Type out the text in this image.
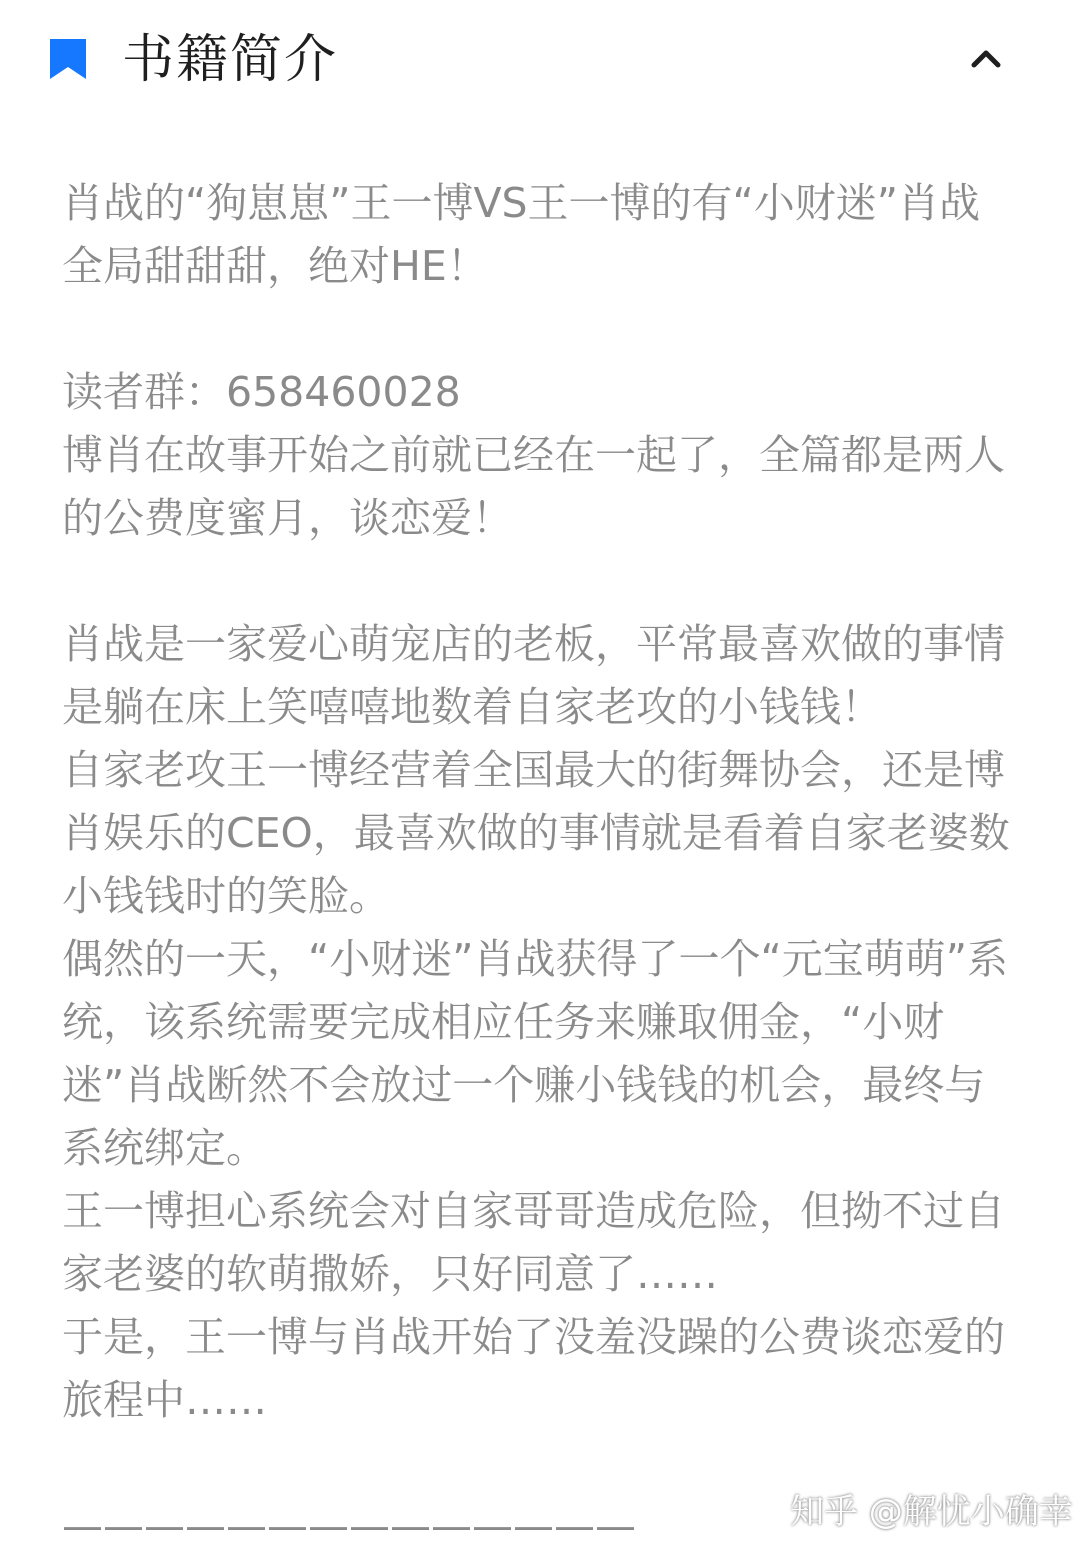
书籍简介

肖战的“狗崽崽”王一博VS王一博的有“小财迷”肖战全局甜甜甜，绝对HE！

读者群：658460028

博肖在故事开始之前就已经在一起了，全篇都是两人的公费度蜜月，谈恋爱！

肖战是一家爱心萌宠店的老板，平常最喜欢做的事情是躺在床上笑嘻嘻地数着自家老攻的小钱钱！

自家老攻王一博经营着全国最大的街舞协会，还是博肖娱乐的CEO，最喜欢做的事情就是看着自家老婆数小钱钱时的笑脸。

偶然的一天，“小财迷”肖战获得了一个“元宝萌萌”系统，该系统需要完成相应任务来赚取佣金，“小财迷”肖战断然不会放过一个赚小钱钱的机会，最终与系统绑定。

王一博担心系统会对自家哥哥造成危险，但拗不过自家老婆的软萌撒娇，只好同意了……

于是，王一博与肖战开始了没羞没躁的公费谈恋爱的旅程中……

——————————————	知乎 @解忧小确幸
